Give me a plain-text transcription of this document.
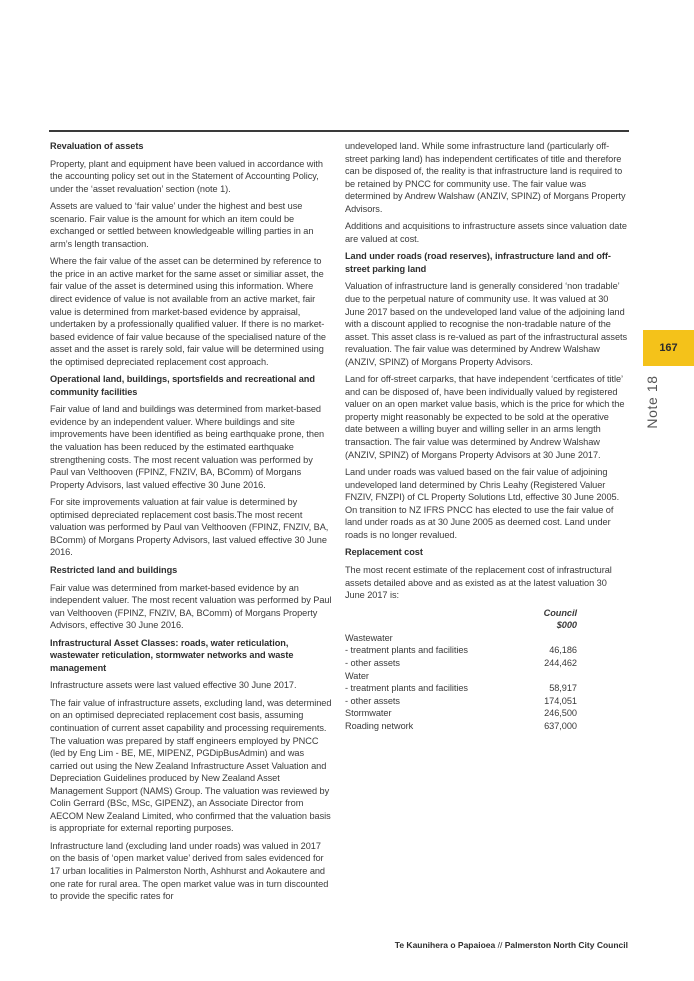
Revaluation of assets

Property, plant and equipment have been valued in accordance with the accounting policy set out in the Statement of Accounting Policy, under the ‘asset revaluation’ section (note 1).

Assets are valued to ‘fair value’ under the highest and best use scenario. Fair value is the amount for which an item could be exchanged or settled between knowledgeable willing parties in an arm’s length transaction.

Where the fair value of the asset can be determined by reference to the price in an active market for the same asset or similiar asset, the fair value of the asset is determined using this information. Where direct evidence of value is not available from an active market, fair value is determined from market-based evidence by appraisal, undertaken by a professionally qualified valuer. If there is no market-based evidence of fair value because of the specialised nature of the asset and the asset is rarely sold, fair value will be determined using the optimised depreciated replacement cost approach.

Operational land, buildings, sportsfields and recreational and community facilities

Fair value of land and buildings was determined from market-based evidence by an independent valuer. Where buildings and site improvements have been identified as being earthquake prone, then the valuation has been reduced by the estimated earthquake strengthening costs. The most recent valuation was performed by Paul van Velthooven (FPINZ, FNZIV, BA, BComm) of Morgans Property Advisors, last valued effective 30 June 2016.

For site improvements valuation at fair value is determined by optimised depreciated replacement cost basis.The most recent valuation was performed by Paul van Velthooven (FPINZ, FNZIV, BA, BComm) of Morgans Property Advisors, last valued effective 30 June 2016.

Restricted land and buildings

Fair value was determined from market-based evidence by an independent valuer. The most recent valuation was performed by Paul van Velthooven (FPINZ, FNZIV, BA, BComm) of Morgans Property Advisors, effective 30 June 2016.

Infrastructural Asset Classes: roads, water reticulation, wastewater reticulation, stormwater networks and waste management

Infrastructure assets were last valued effective 30 June 2017.

The fair value of infrastructure assets, excluding land, was determined on an optimised depreciated replacement cost basis, assuming continuation of current asset capability and processing requirements. The valuation was prepared by staff engineers employed by PNCC (led by Eng Lim - BE, ME, MIPENZ, PGDipBusAdmin) and was carried out using the New Zealand Infrastructure Asset Valuation and Depreciation Guidelines produced by New Zealand Asset Management Support (NAMS) Group. The valuation was reviewed by Colin Gerrard (BSc, MSc, GIPENZ), an Associate Director from AECOM New Zealand Limited, who confirmed that the valuation basis is appropriate for external reporting purposes.

Infrastructure land (excluding land under roads) was valued in 2017 on the basis of ‘open market value’ derived from sales evidenced for 17 urban localities in Palmerston North, Ashhurst and Aokautere and one rate for rural area. The open market value was in turn discounted to provide the specific rates for

undeveloped land. While some infrastructure land (particularly off-street parking land) has independent certificates of title and therefore can be disposed of, the reality is that infrastructure land is required to be retained by PNCC for community use. The fair value was determined by Andrew Walshaw (ANZIV, SPINZ) of Morgans Property Advisors.

Additions and acquisitions to infrastructure assets since valuation date are valued at cost.

Land under roads (road reserves), infrastructure land and off-street parking land

Valuation of infrastructure land is generally considered ‘non tradable’ due to the perpetual nature of community use. It was valued at 30 June 2017 based on the undeveloped land value of the adjoining land with a discount applied to recognise the non-tradable nature of the asset. This asset class is re-valued as part of the infrastructural assets revaluation. The fair value was determined by Andrew Walshaw (ANZIV, SPINZ) of Morgans Property Advisors.

Land for off-street carparks, that have independent ‘certficates of title’ and can be disposed of, have been individually valued by registered valuer on an open market value basis, which is the price for which the property might reasonably be expected to be sold at the operative date between a willing buyer and willing seller in an arms length transaction. The fair value was determined by Andrew Walshaw (ANZIV, SPINZ) of Morgans Property Advisors at 30 June 2017.

Land under roads was valued based on the fair value of adjoining undeveloped land determined by Chris Leahy (Registered Valuer FNZIV, FNZPI) of CL Property Solutions Ltd, effective 30 June 2005. On transition to NZ IFRS PNCC has elected to use the fair value of land under roads as at 30 June 2005 as deemed cost. Land under roads is no longer revalued.

Replacement cost

The most recent estimate of the replacement cost of infrastructural assets detailed above and as existed as at the latest valuation 30 June 2017 is:

	Council
	$000
Wastewater	
- treatment plants and facilities	46,186
- other assets	244,462
Water	
- treatment plants and facilities	58,917
- other assets	174,051
Stormwater	246,500
Roading network	637,000
167
Note 18
Te Kaunihera o Papaioea // Palmerston North City Council
